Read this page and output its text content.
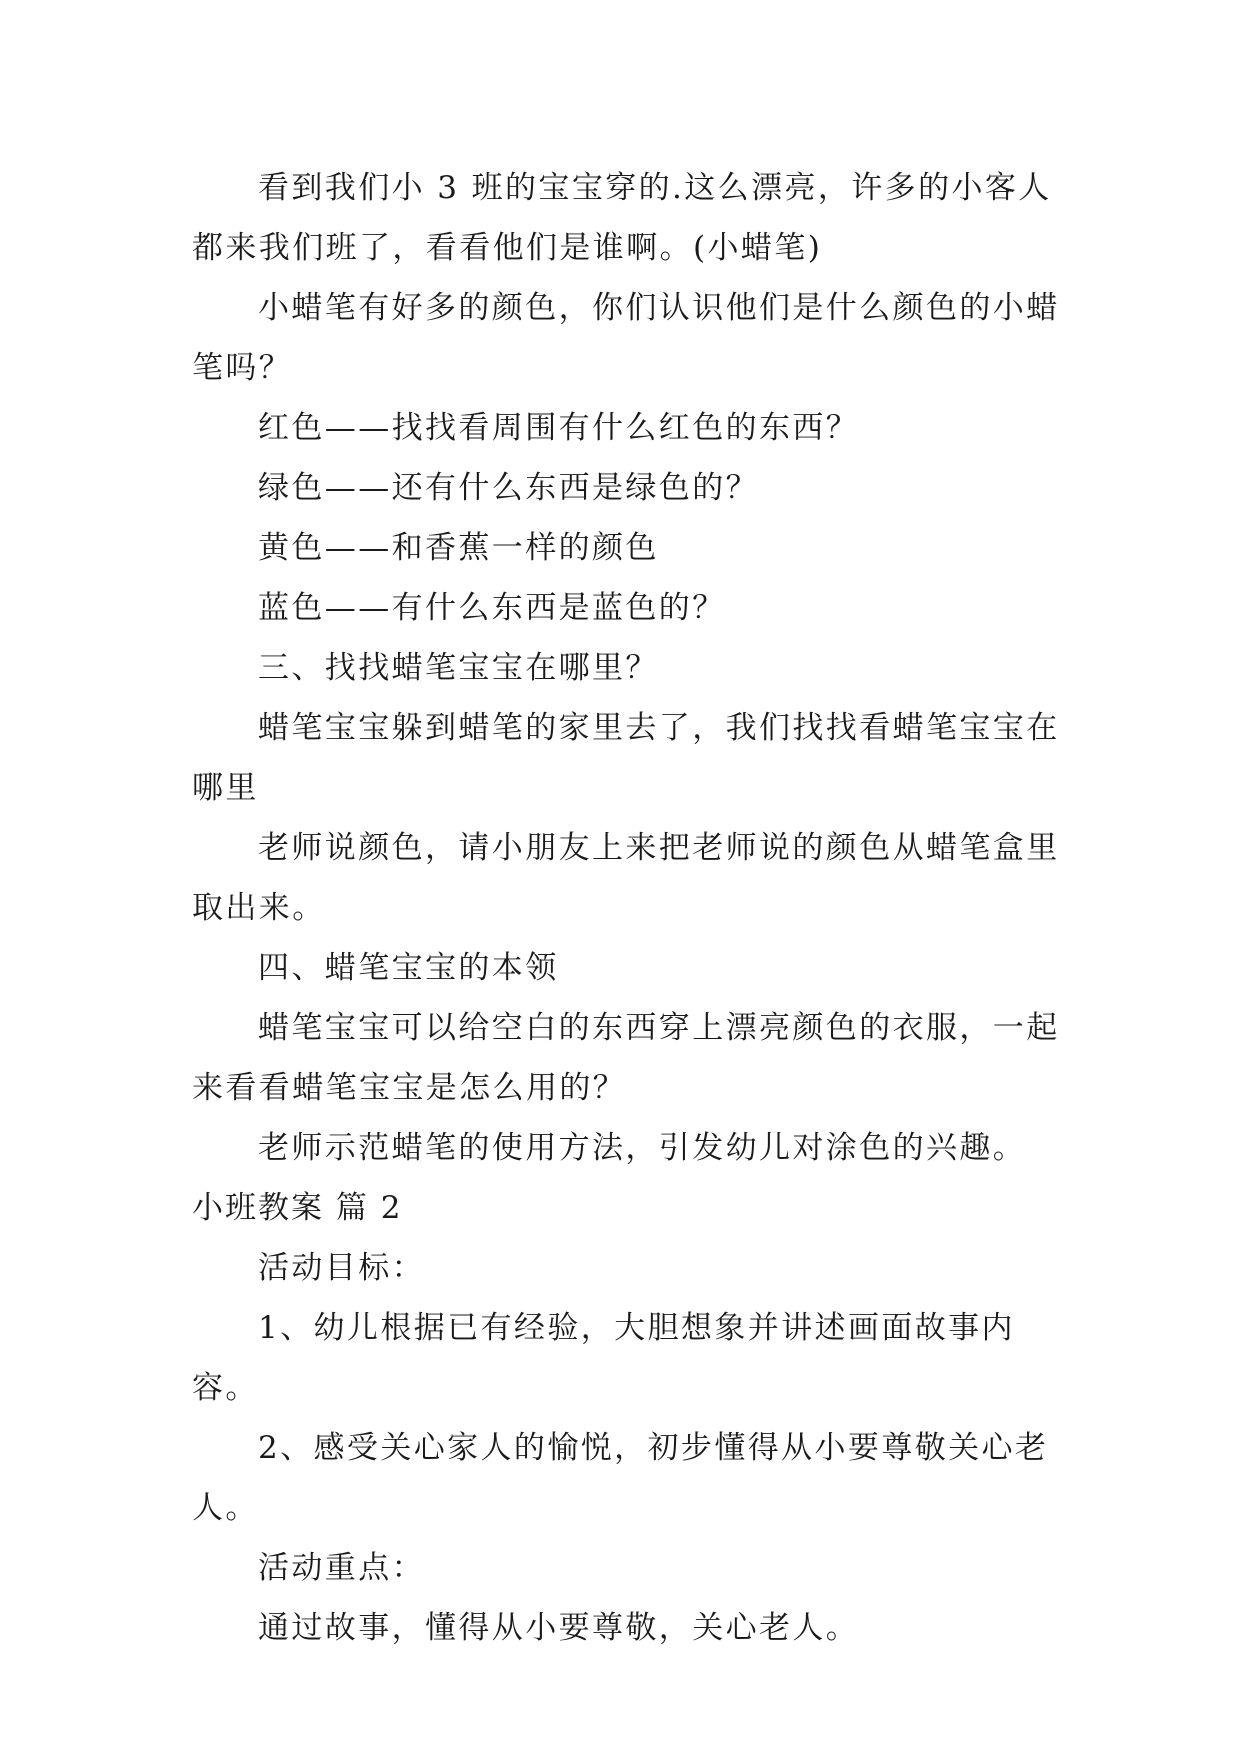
看到我们小 3 班的宝宝穿的.这么漂亮，许多的小客人都来我们班了，看看他们是谁啊。(小蜡笔)

小蜡笔有好多的颜色，你们认识他们是什么颜色的小蜡笔吗？

红色——找找看周围有什么红色的东西？

绿色——还有什么东西是绿色的？

黄色——和香蕉一样的颜色

蓝色——有什么东西是蓝色的？

三、找找蜡笔宝宝在哪里？

蜡笔宝宝躲到蜡笔的家里去了，我们找找看蜡笔宝宝在哪里

老师说颜色，请小朋友上来把老师说的颜色从蜡笔盒里取出来。

四、蜡笔宝宝的本领

蜡笔宝宝可以给空白的东西穿上漂亮颜色的衣服，一起来看看蜡笔宝宝是怎么用的？

老师示范蜡笔的使用方法，引发幼儿对涂色的兴趣。

小班教案 篇 2

活动目标：

1、幼儿根据已有经验，大胆想象并讲述画面故事内容。

2、感受关心家人的愉悦，初步懂得从小要尊敬关心老人。

活动重点：

通过故事，懂得从小要尊敬，关心老人。
